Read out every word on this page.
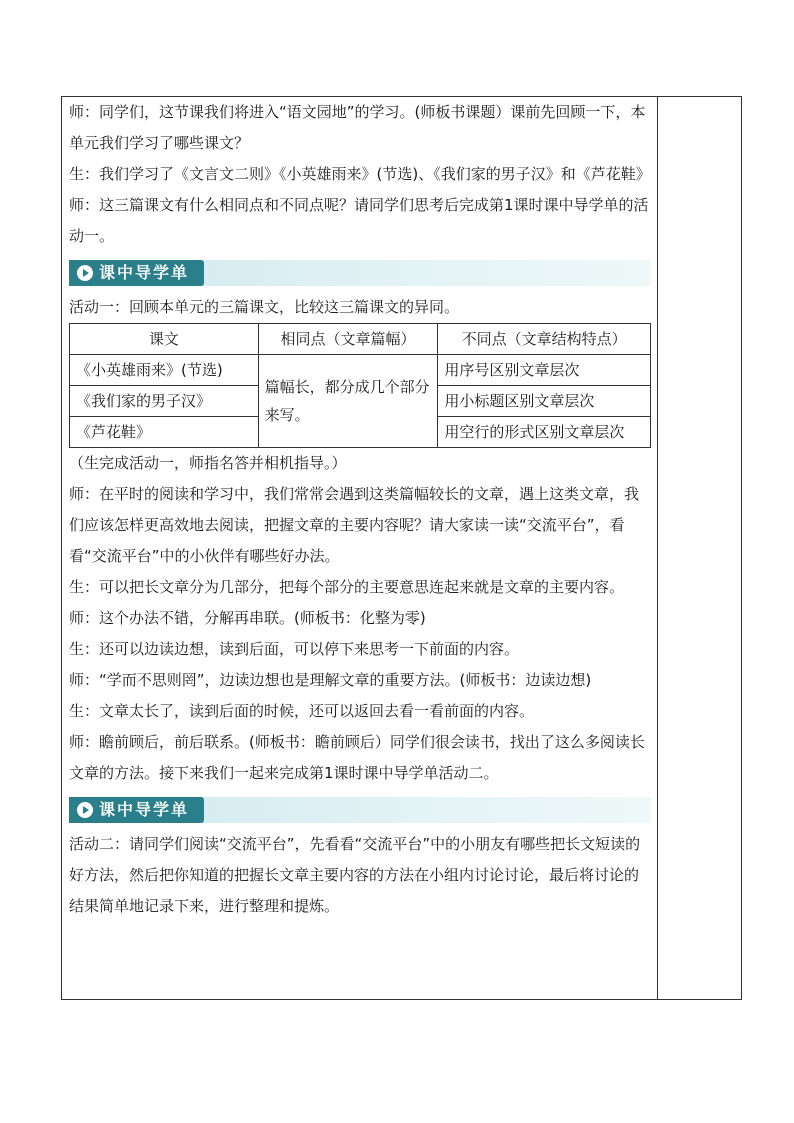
师：同学们，这节课我们将进入“语文园地”的学习。(师板书课题）课前先回顾一下，本单元我们学习了哪些课文？

生：我们学习了《文言文二则》《小英雄雨来》(节选)、《我们家的男子汉》和《芦花鞋》

师：这三篇课文有什么相同点和不同点呢？请同学们思考后完成第1课时课中导学单的活动一。

课中导学单

活动一：回顾本单元的三篇课文，比较这三篇课文的异同。

课文	相同点（文章篇幅）	不同点（文章结构特点）
《小英雄雨来》(节选)	篇幅长，都分成几个部分来写。	用序号区别文章层次
《我们家的男子汉》		用小标题区别文章层次
《芦花鞋》		用空行的形式区别文章层次

（生完成活动一，师指名答并相机指导。）

师：在平时的阅读和学习中，我们常常会遇到这类篇幅较长的文章，遇上这类文章，我们应该怎样更高效地去阅读，把握文章的主要内容呢？请大家读一读“交流平台”，看看“交流平台”中的小伙伴有哪些好办法。

生：可以把长文章分为几部分，把每个部分的主要意思连起来就是文章的主要内容。

师：这个办法不错，分解再串联。(师板书：化整为零)

生：还可以边读边想，读到后面，可以停下来思考一下前面的内容。

师：“学而不思则罔”，边读边想也是理解文章的重要方法。(师板书：边读边想)

生：文章太长了，读到后面的时候，还可以返回去看一看前面的内容。

师：瞻前顾后，前后联系。(师板书：瞻前顾后）同学们很会读书，找出了这么多阅读长文章的方法。接下来我们一起来完成第1课时课中导学单活动二。

课中导学单

活动二：请同学们阅读“交流平台”，先看看“交流平台”中的小朋友有哪些把长文短读的好方法，然后把你知道的把握长文章主要内容的方法在小组内讨论讨论，最后将讨论的结果简单地记录下来，进行整理和提炼。
